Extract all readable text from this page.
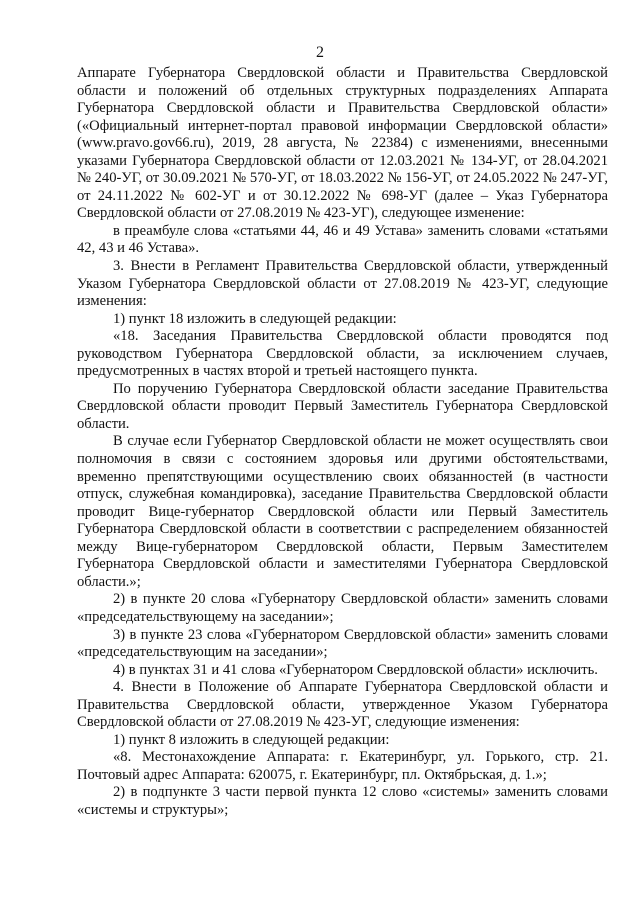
2

Аппарате Губернатора Свердловской области и Правительства Свердловской области и положений об отдельных структурных подразделениях Аппарата Губернатора Свердловской области и Правительства Свердловской области» («Официальный интернет-портал правовой информации Свердловской области» (www.pravo.gov66.ru), 2019, 28 августа, № 22384) с изменениями, внесенными указами Губернатора Свердловской области от 12.03.2021 № 134-УГ, от 28.04.2021 № 240-УГ, от 30.09.2021 № 570-УГ, от 18.03.2022 № 156-УГ, от 24.05.2022 № 247-УГ, от 24.11.2022 № 602-УГ и от 30.12.2022 № 698-УГ (далее – Указ Губернатора Свердловской области от 27.08.2019 № 423-УГ), следующее изменение:

в преамбуле слова «статьями 44, 46 и 49 Устава» заменить словами «статьями 42, 43 и 46 Устава».

3. Внести в Регламент Правительства Свердловской области, утвержденный Указом Губернатора Свердловской области от 27.08.2019 № 423-УГ, следующие изменения:

1) пункт 18 изложить в следующей редакции:

«18. Заседания Правительства Свердловской области проводятся под руководством Губернатора Свердловской области, за исключением случаев, предусмотренных в частях второй и третьей настоящего пункта.

По поручению Губернатора Свердловской области заседание Правительства Свердловской области проводит Первый Заместитель Губернатора Свердловской области.

В случае если Губернатор Свердловской области не может осуществлять свои полномочия в связи с состоянием здоровья или другими обстоятельствами, временно препятствующими осуществлению своих обязанностей (в частности отпуск, служебная командировка), заседание Правительства Свердловской области проводит Вице-губернатор Свердловской области или Первый Заместитель Губернатора Свердловской области в соответствии с распределением обязанностей между Вице-губернатором Свердловской области, Первым Заместителем Губернатора Свердловской области и заместителями Губернатора Свердловской области.»;

2) в пункте 20 слова «Губернатору Свердловской области» заменить словами «председательствующему на заседании»;

3) в пункте 23 слова «Губернатором Свердловской области» заменить словами «председательствующим на заседании»;

4) в пунктах 31 и 41 слова «Губернатором Свердловской области» исключить.

4. Внести в Положение об Аппарате Губернатора Свердловской области и Правительства Свердловской области, утвержденное Указом Губернатора Свердловской области от 27.08.2019 № 423-УГ, следующие изменения:

1) пункт 8 изложить в следующей редакции:

«8. Местонахождение Аппарата: г. Екатеринбург, ул. Горького, стр. 21. Почтовый адрес Аппарата: 620075, г. Екатеринбург, пл. Октябрьская, д. 1.»;

2) в подпункте 3 части первой пункта 12 слово «системы» заменить словами «системы и структуры»;
